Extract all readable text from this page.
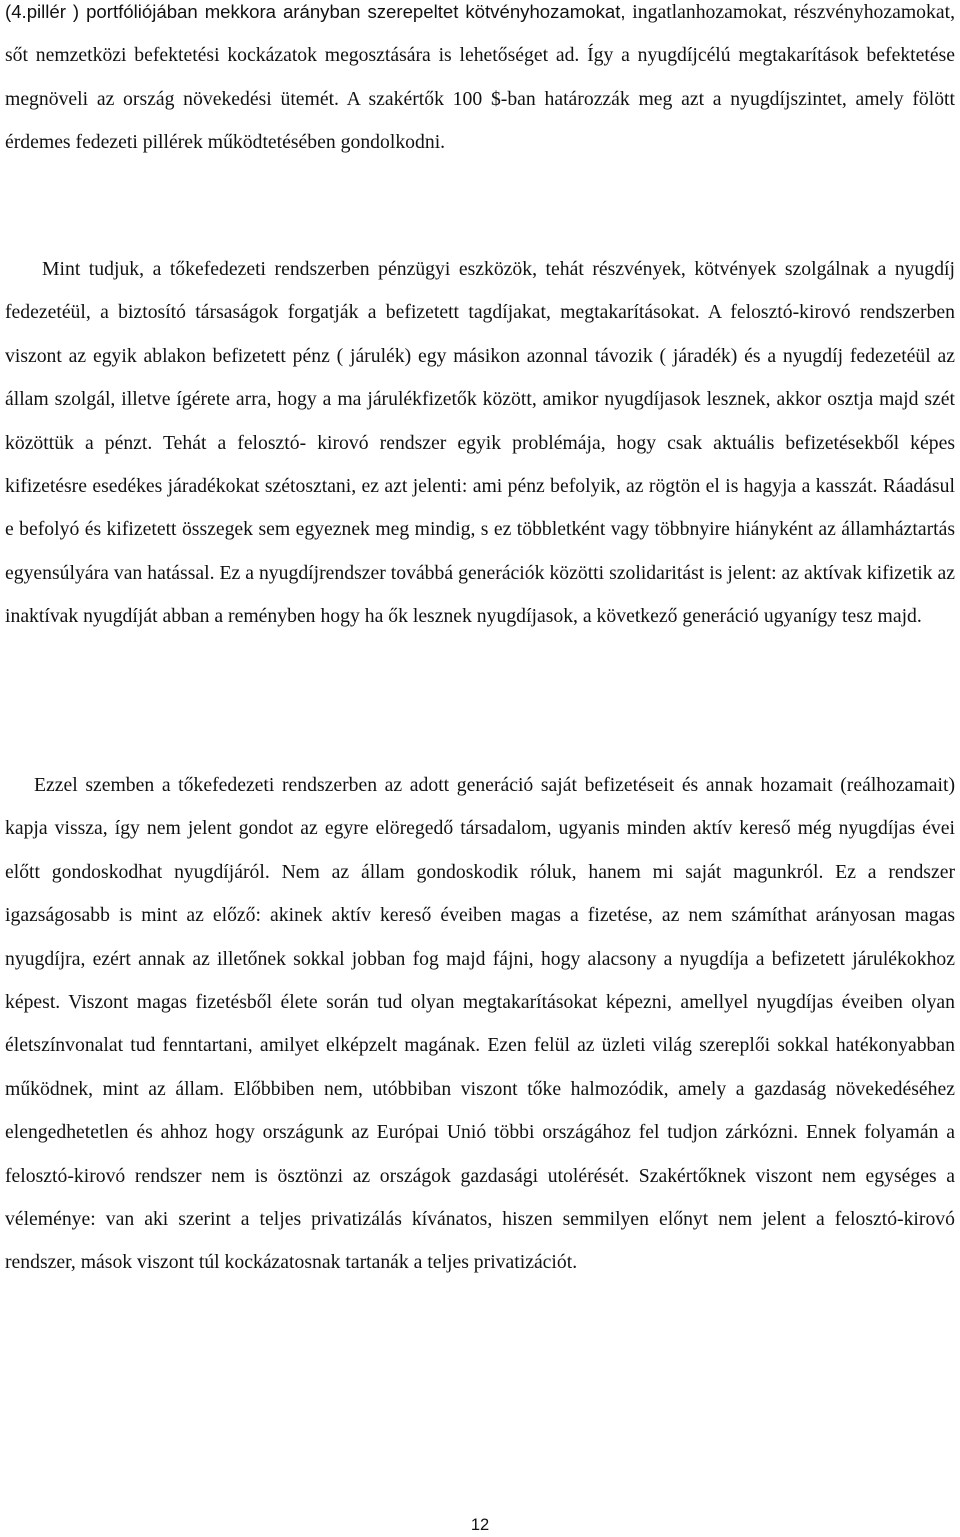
(4.pillér ) portfóliójában mekkora arányban szerepeltet kötvényhozamokat, ingatlanhozamokat, részvényhozamokat, sőt nemzetközi befektetési kockázatok megosztására is lehetőséget ad. Így a nyugdíjcélú megtakarítások befektetése megnöveli az ország növekedési ütemét. A szakértők 100 $-ban határozzák meg azt a nyugdíjszintet, amely fölött érdemes fedezeti pillérek működtetésében gondolkodni.

Mint tudjuk, a tőkefedezeti rendszerben pénzügyi eszközök, tehát részvények, kötvények szolgálnak a nyugdíj fedezetéül, a biztosító társaságok forgatják a befizetett tagdíjakat, megtakarításokat. A felosztó-kirovó rendszerben viszont az egyik ablakon befizetett pénz ( járulék) egy másikon azonnal távozik ( járadék) és a nyugdíj fedezetéül az állam szolgál, illetve ígérete arra, hogy a ma járulékfizetők között, amikor nyugdíjasok lesznek, akkor osztja majd szét közöttük a pénzt. Tehát a felosztó- kirovó rendszer egyik problémája, hogy csak aktuális befizetésekből képes kifizetésre esedékes járadékokat szétosztani, ez azt jelenti: ami pénz befolyik, az rögtön el is hagyja a kasszát. Ráadásul e befolyó és kifizetett összegek sem egyeznek meg mindig, s ez többletként vagy többnyire hiányként az államháztartás egyensúlyára van hatással. Ez a nyugdíjrendszer továbbá generációk közötti szolidaritást is jelent: az aktívak kifizetik az inaktívak nyugdíját abban a reményben hogy ha ők lesznek nyugdíjasok, a következő generáció ugyanígy tesz majd.

Ezzel szemben a tőkefedezeti rendszerben az adott generáció saját befizetéseit és annak hozamait (reálhozamait) kapja vissza, így nem jelent gondot az egyre elöregedő társadalom, ugyanis minden aktív kereső még nyugdíjas évei előtt gondoskodhat nyugdíjáról. Nem az állam gondoskodik róluk, hanem mi saját magunkról. Ez a rendszer igazságosabb is mint az előző: akinek aktív kereső éveiben magas a fizetése, az nem számíthat arányosan magas nyugdíjra, ezért annak az illetőnek sokkal jobban fog majd fájni, hogy alacsony a nyugdíja a befizetett járulékokhoz képest. Viszont magas fizetésből élete során tud olyan megtakarításokat képezni, amellyel nyugdíjas éveiben olyan életszínvonalat tud fenntartani, amilyet elképzelt magának. Ezen felül az üzleti világ szereplői sokkal hatékonyabban működnek, mint az állam. Előbbiben nem, utóbbiban viszont tőke halmozódik, amely a gazdaság növekedéséhez elengedhetetlen és ahhoz hogy országunk az Európai Unió többi országához fel tudjon zárkózni. Ennek folyamán a felosztó-kirovó rendszer nem is ösztönzi az országok gazdasági utolérését. Szakértőknek viszont nem egységes a véleménye: van aki szerint a teljes privatizálás kívánatos, hiszen semmilyen előnyt nem jelent a felosztó-kirovó rendszer, mások viszont túl kockázatosnak tartanák a teljes privatizációt.

12
